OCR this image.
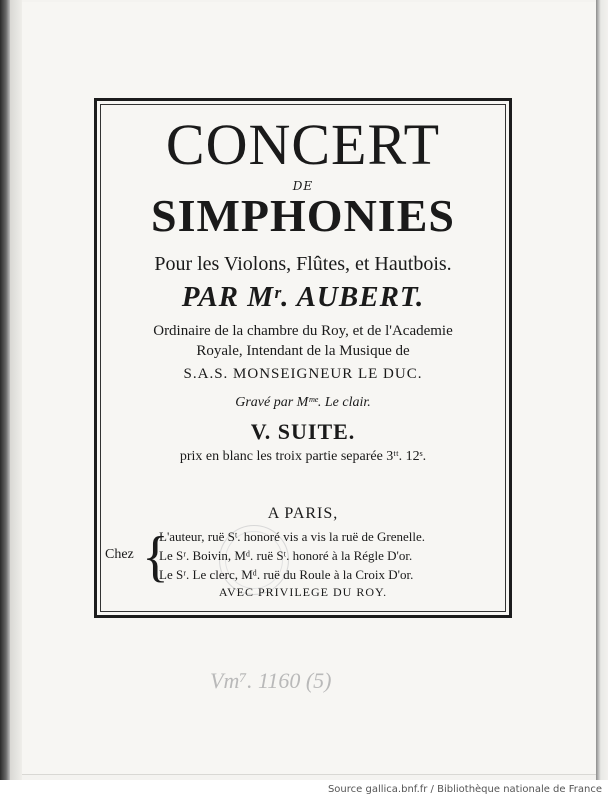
CONCERT
DE
SIMPHONIES
Pour les Violons, Flûtes, et Hautbois.
PAR Mʳ. AUBERT.
Ordinaire de la chambre du Roy, et de l'Academie
Royale, Intendant de la Musique de
S.A.S. MONSEIGNEUR LE DUC.
Gravé par Mᵐᵉ. Le clair.
V. SUITE.
prix en blanc les troix partie separée 3ᵗᵗ. 12ˢ.
A PARIS,
Chez {
L'auteur, ruë Sᵗ. honoré vis a vis la ruë de Grenelle.
Le Sʳ. Boivin, Mᵈ. ruë Sᵗ. honoré à la Régle D'or.
Le Sʳ. Le clerc, Mᵈ. ruë du Roule à la Croix D'or.
AVEC PRIVILEGE DU ROY.
Vm⁷. 1160 (5)
Source gallica.bnf.fr / Bibliothèque nationale de France
